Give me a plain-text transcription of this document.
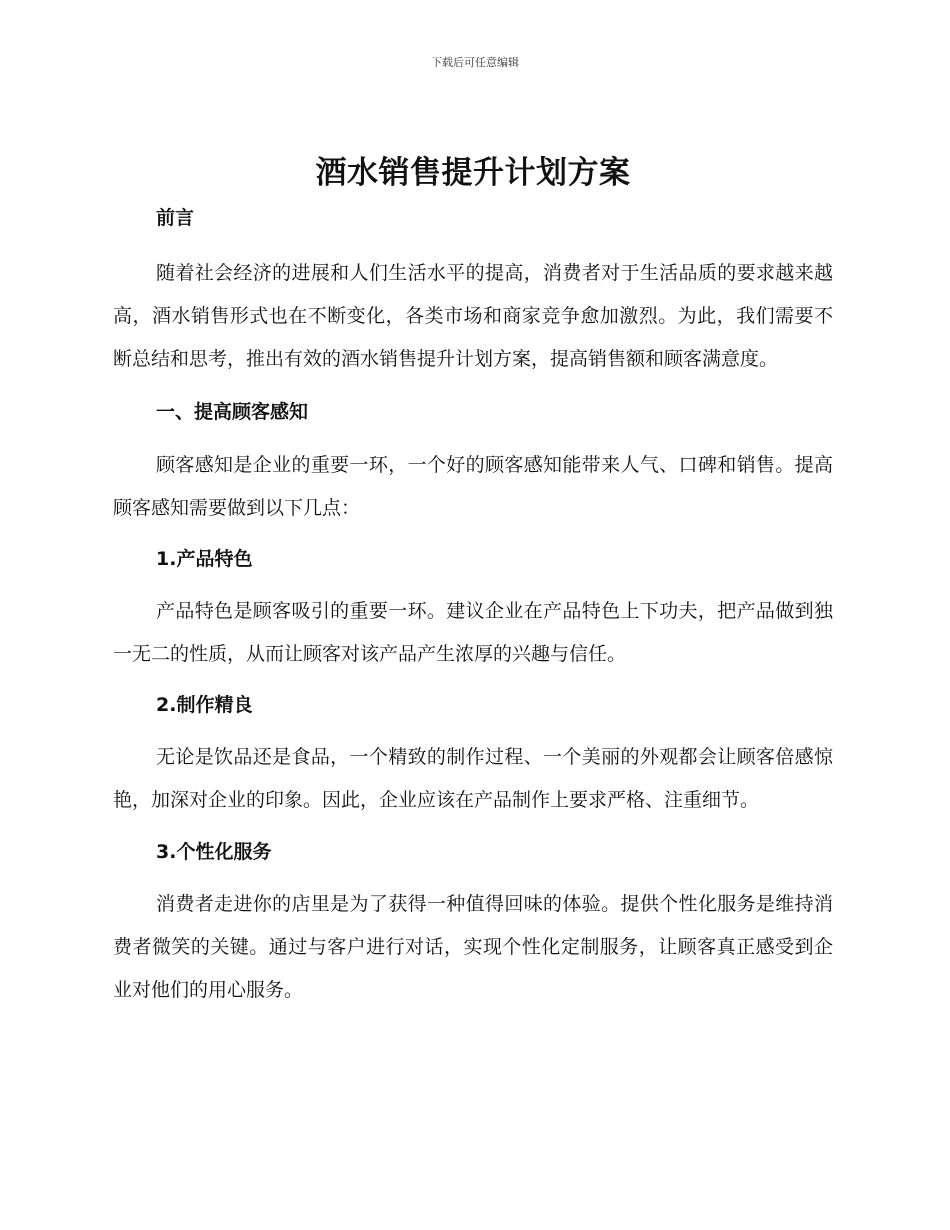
下载后可任意编辑
酒水销售提升计划方案
前言

随着社会经济的进展和人们生活水平的提高，消费者对于生活品质的要求越来越高，酒水销售形式也在不断变化，各类市场和商家竞争愈加激烈。为此，我们需要不断总结和思考，推出有效的酒水销售提升计划方案，提高销售额和顾客满意度。

一、提高顾客感知

顾客感知是企业的重要一环，一个好的顾客感知能带来人气、口碑和销售。提高顾客感知需要做到以下几点：

1.产品特色

产品特色是顾客吸引的重要一环。建议企业在产品特色上下功夫，把产品做到独一无二的性质，从而让顾客对该产品产生浓厚的兴趣与信任。

2.制作精良

无论是饮品还是食品，一个精致的制作过程、一个美丽的外观都会让顾客倍感惊艳，加深对企业的印象。因此，企业应该在产品制作上要求严格、注重细节。

3.个性化服务

消费者走进你的店里是为了获得一种值得回味的体验。提供个性化服务是维持消费者微笑的关键。通过与客户进行对话，实现个性化定制服务，让顾客真正感受到企业对他们的用心服务。
